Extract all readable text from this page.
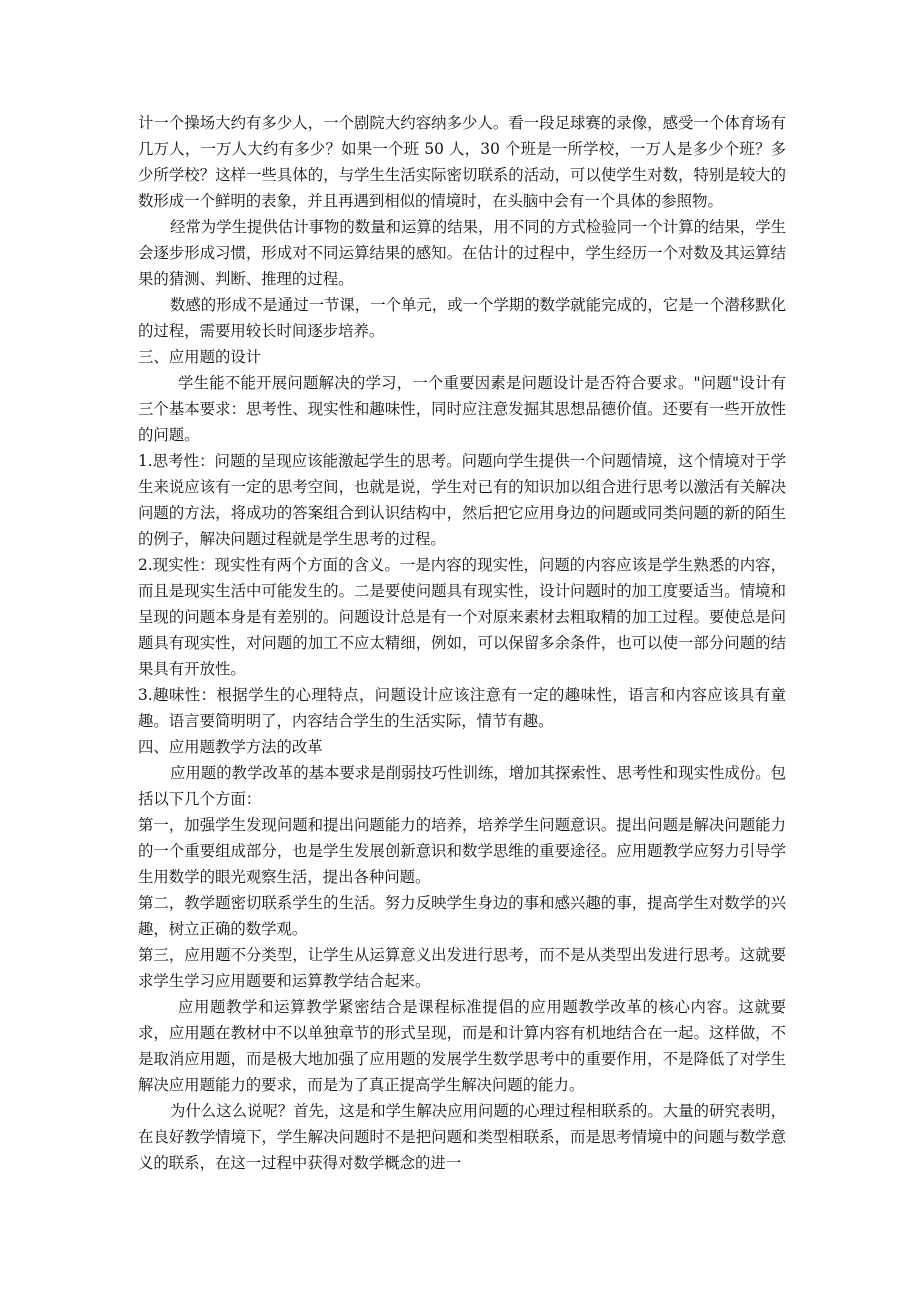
计一个操场大约有多少人，一个剧院大约容纳多少人。看一段足球赛的录像，感受一个体育场有几万人，一万人大约有多少？如果一个班 50 人，30 个班是一所学校，一万人是多少个班？多少所学校？这样一些具体的，与学生生活实际密切联系的活动，可以使学生对数，特别是较大的数形成一个鲜明的表象，并且再遇到相似的情境时，在头脑中会有一个具体的参照物。

经常为学生提供估计事物的数量和运算的结果，用不同的方式检验同一个计算的结果，学生会逐步形成习惯，形成对不同运算结果的感知。在估计的过程中，学生经历一个对数及其运算结果的猜测、判断、推理的过程。

数感的形成不是通过一节课，一个单元，或一个学期的数学就能完成的，它是一个潜移默化的过程，需要用较长时间逐步培养。

三、应用题的设计

学生能不能开展问题解决的学习，一个重要因素是问题设计是否符合要求。"问题"设计有三个基本要求：思考性、现实性和趣味性，同时应注意发掘其思想品德价值。还要有一些开放性的问题。

1.思考性：问题的呈现应该能激起学生的思考。问题向学生提供一个问题情境，这个情境对于学生来说应该有一定的思考空间，也就是说，学生对已有的知识加以组合进行思考以激活有关解决问题的方法，将成功的答案组合到认识结构中，然后把它应用身边的问题或同类问题的新的陌生的例子，解决问题过程就是学生思考的过程。

2.现实性：现实性有两个方面的含义。一是内容的现实性，问题的内容应该是学生熟悉的内容，而且是现实生活中可能发生的。二是要使问题具有现实性，设计问题时的加工度要适当。情境和呈现的问题本身是有差别的。问题设计总是有一个对原来素材去粗取精的加工过程。要使总是问题具有现实性，对问题的加工不应太精细，例如，可以保留多余条件，也可以使一部分问题的结果具有开放性。

3.趣味性：根据学生的心理特点，问题设计应该注意有一定的趣味性，语言和内容应该具有童趣。语言要简明明了，内容结合学生的生活实际，情节有趣。

四、应用题教学方法的改革

应用题的教学改革的基本要求是削弱技巧性训练，增加其探索性、思考性和现实性成份。包括以下几个方面：

第一，加强学生发现问题和提出问题能力的培养，培养学生问题意识。提出问题是解决问题能力的一个重要组成部分，也是学生发展创新意识和数学思维的重要途径。应用题教学应努力引导学生用数学的眼光观察生活，提出各种问题。

第二，教学题密切联系学生的生活。努力反映学生身边的事和感兴趣的事，提高学生对数学的兴趣，树立正确的数学观。

第三，应用题不分类型，让学生从运算意义出发进行思考，而不是从类型出发进行思考。这就要求学生学习应用题要和运算教学结合起来。

应用题教学和运算教学紧密结合是课程标准提倡的应用题教学改革的核心内容。这就要求，应用题在教材中不以单独章节的形式呈现，而是和计算内容有机地结合在一起。这样做，不是取消应用题，而是极大地加强了应用题的发展学生数学思考中的重要作用，不是降低了对学生解决应用题能力的要求，而是为了真正提高学生解决问题的能力。

为什么这么说呢？首先，这是和学生解决应用问题的心理过程相联系的。大量的研究表明，在良好教学情境下，学生解决问题时不是把问题和类型相联系，而是思考情境中的问题与数学意义的联系，在这一过程中获得对数学概念的进一
